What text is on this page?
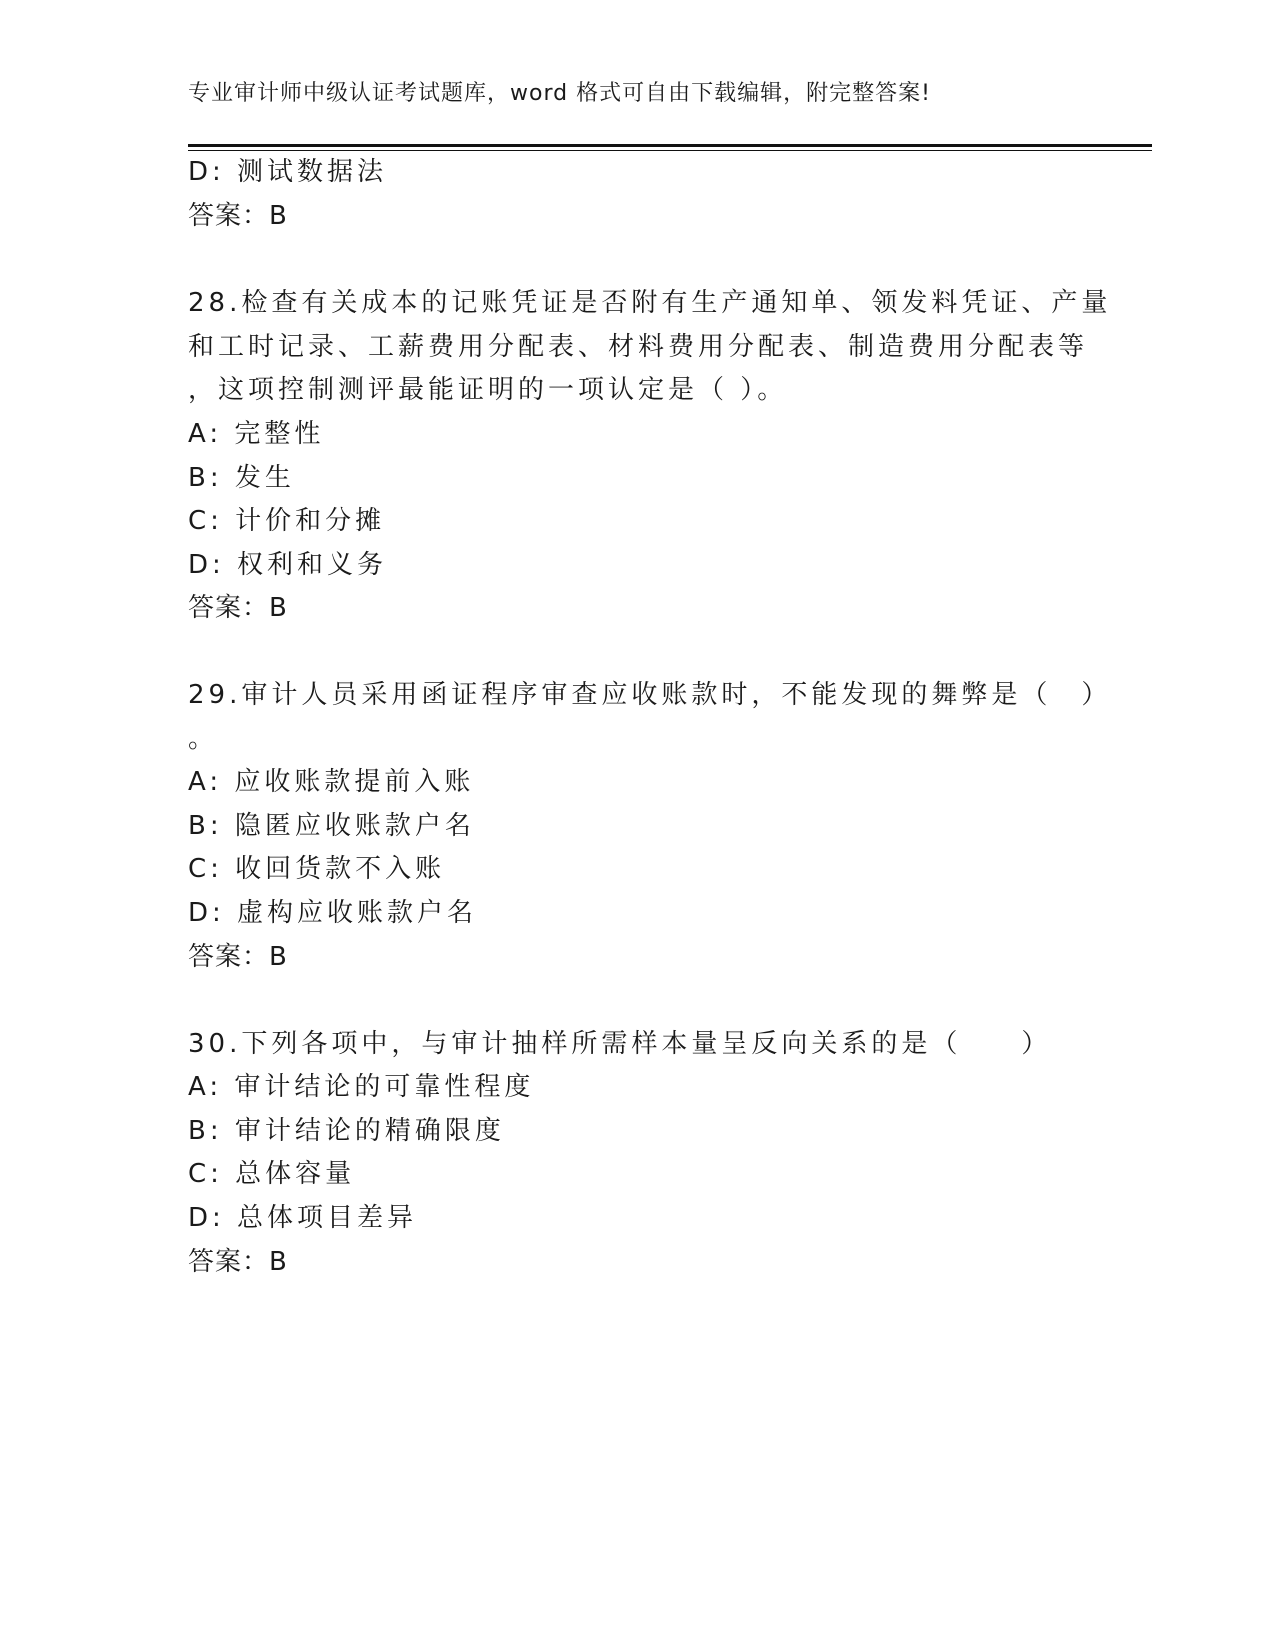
专业审计师中级认证考试题库，word 格式可自由下载编辑，附完整答案!
D: 测试数据法
答案：B
28.检查有关成本的记账凭证是否附有生产通知单、领发料凭证、产量
和工时记录、工薪费用分配表、材料费用分配表、制造费用分配表等
，这项控制测评最能证明的一项认定是（ ）。
A: 完整性
B: 发生
C: 计价和分摊
D: 权利和义务
答案：B
29.审计人员采用函证程序审查应收账款时，不能发现的舞弊是（　）
。
A: 应收账款提前入账
B: 隐匿应收账款户名
C: 收回货款不入账
D: 虚构应收账款户名
答案：B
30.下列各项中，与审计抽样所需样本量呈反向关系的是（　　）
A: 审计结论的可靠性程度
B: 审计结论的精确限度
C: 总体容量
D: 总体项目差异
答案：B
